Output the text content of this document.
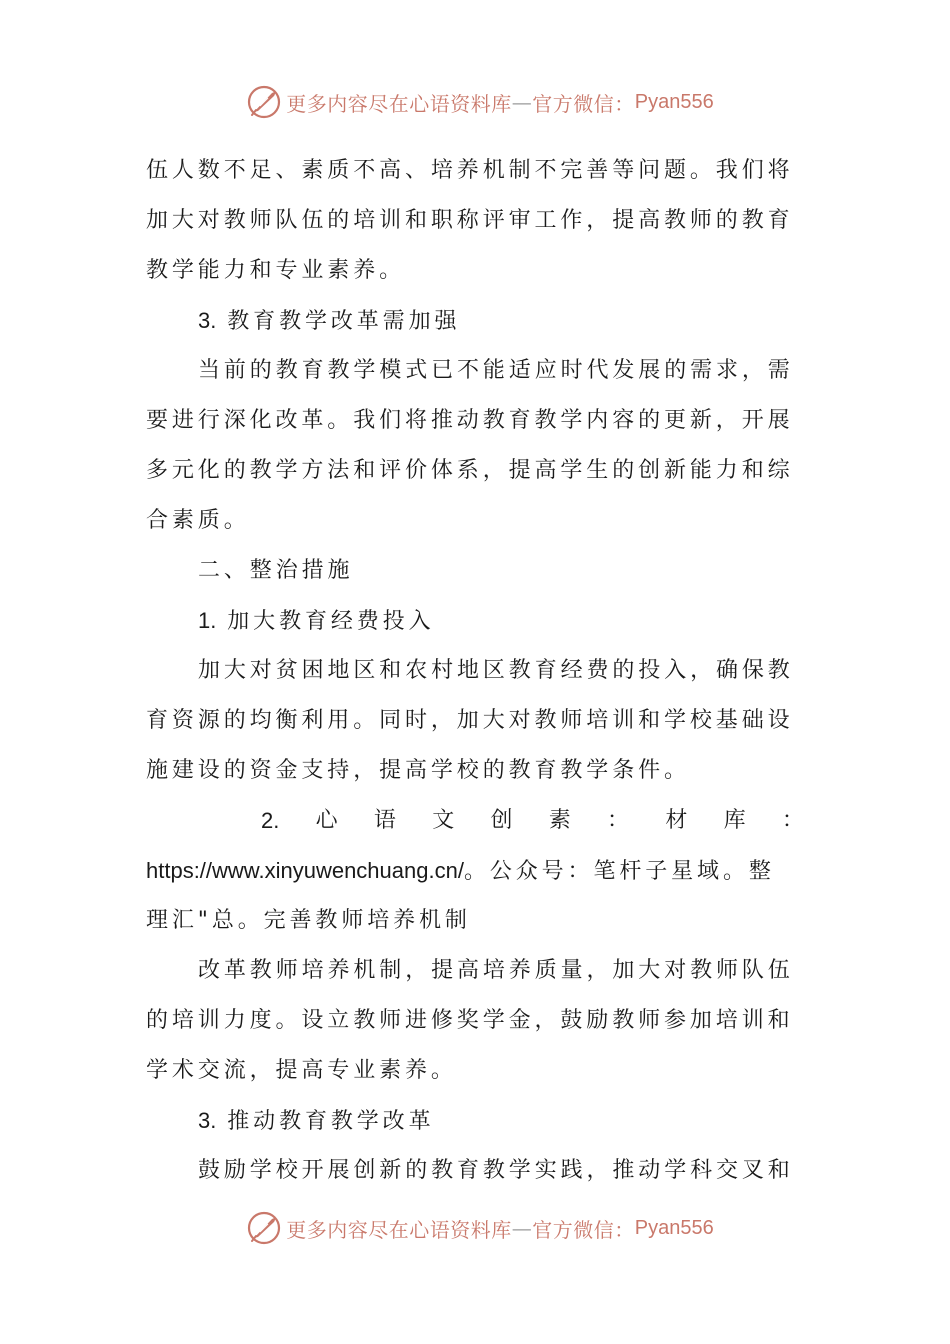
更多内容尽在心语资料库 — 官方微信： Pyan556
伍人数不足、素质不高、培养机制不完善等问题。我们将
加大对教师队伍的培训和职称评审工作，提高教师的教育
教学能力和专业素养。
3. 教育教学改革需加强
当前的教育教学模式已不能适应时代发展的需求，需
要进行深化改革。我们将推动教育教学内容的更新，开展
多元化的教学方法和评价体系，提高学生的创新能力和综
合素质。
二、整治措施
1. 加大教育经费投入
加大对贫困地区和农村地区教育经费的投入，确保教
育资源的均衡利用。同时，加大对教师培训和学校基础设
施建设的资金支持，提高学校的教育教学条件。
2. 心 语 文 创 素 ： 材 库 ：
https://www.xinyuwenchuang.cn/。公众号：笔杆子星域。整
理汇"总。完善教师培养机制
改革教师培养机制，提高培养质量，加大对教师队伍
的培训力度。设立教师进修奖学金，鼓励教师参加培训和
学术交流，提高专业素养。
3. 推动教育教学改革
鼓励学校开展创新的教育教学实践，推动学科交叉和
更多内容尽在心语资料库 — 官方微信： Pyan556
